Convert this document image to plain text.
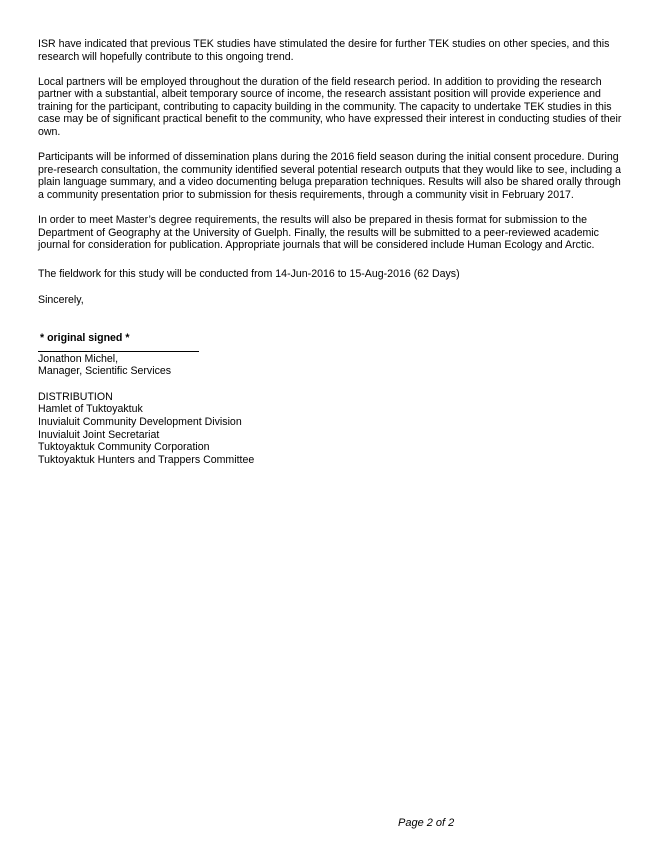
ISR have indicated that previous TEK studies have stimulated the desire for further TEK studies on other species, and this research will hopefully contribute to this ongoing trend.

Local partners will be employed throughout the duration of the field research period. In addition to providing the research partner with a substantial, albeit temporary source of income, the research assistant position will provide experience and training for the participant, contributing to capacity building in the community. The capacity to undertake TEK studies in this case may be of significant practical benefit to the community, who have expressed their interest in conducting studies of their own.

Participants will be informed of dissemination plans during the 2016 field season during the initial consent procedure. During pre-research consultation, the community identified several potential research outputs that they would like to see, including a plain language summary, and a video documenting beluga preparation techniques. Results will also be shared orally through a community presentation prior to submission for thesis requirements, through a community visit in February 2017.

In order to meet Master’s degree requirements, the results will also be prepared in thesis format for submission to the Department of Geography at the University of Guelph. Finally, the results will be submitted to a peer-reviewed academic journal for consideration for publication. Appropriate journals that will be considered include Human Ecology and Arctic.

The fieldwork for this study will be conducted from 14-Jun-2016 to 15-Aug-2016 (62 Days)

Sincerely,

* original signed *
Jonathon Michel,
Manager, Scientific Services
DISTRIBUTION
Hamlet of Tuktoyaktuk
Inuvialuit Community Development Division
Inuvialuit Joint Secretariat
Tuktoyaktuk Community Corporation
Tuktoyaktuk Hunters and Trappers Committee
Page 2 of 2
